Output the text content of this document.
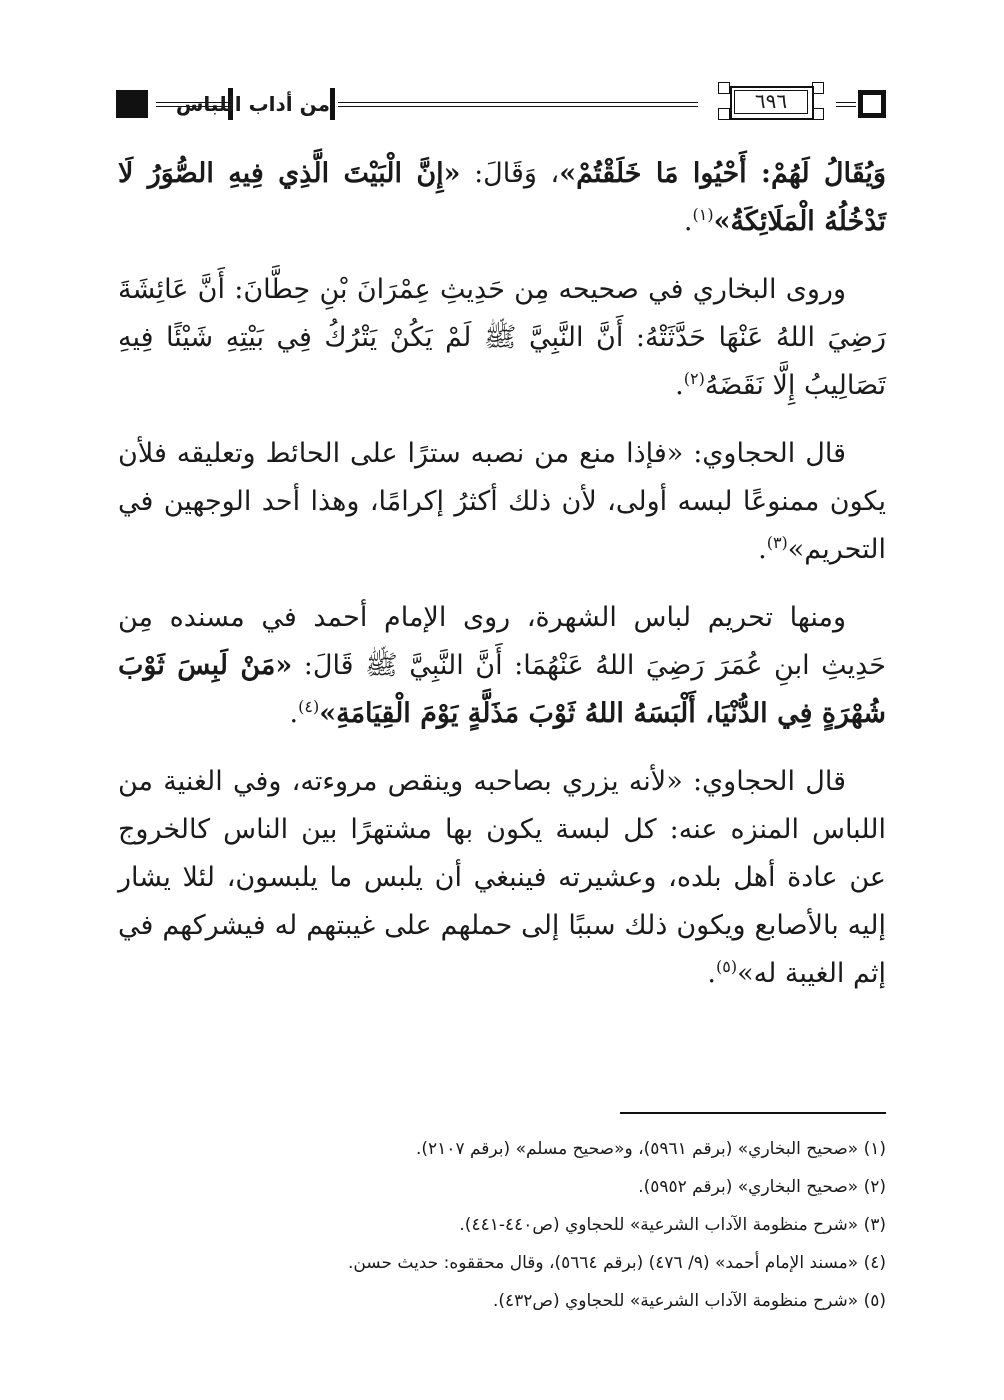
من أداب اللباس	٦٩٦

وَيُقَالُ لَهُمْ: أَحْيُوا مَا خَلَقْتُمْ»، وَقَالَ: «إِنَّ الْبَيْتَ الَّذِي فِيهِ الصُّوَرُ لَا تَدْخُلُهُ الْمَلَائِكَةُ»$^{(١)}$.

وروى البخاري في صحيحه مِن حَدِيثِ عِمْرَانَ بْنِ حِطَّانَ: أَنَّ عَائِشَةَ رَضِيَ اللهُ عَنْهَا حَدَّثَتْهُ: أَنَّ النَّبِيَّ ﷺ لَمْ يَكُنْ يَتْرُكُ فِي بَيْتِهِ شَيْئًا فِيهِ تَصَالِيبُ إِلَّا نَقَضَهُ$^{(٢)}$.

قال الحجاوي: «فإذا منع من نصبه سترًا على الحائط وتعليقه فلأن يكون ممنوعًا لبسه أولى، لأن ذلك أكثرُ إكرامًا، وهذا أحد الوجهين في التحريم»$^{(٣)}$.

ومنها تحريم لباس الشهرة، روى الإمام أحمد في مسنده مِن حَدِيثِ ابنِ عُمَرَ رَضِيَ اللهُ عَنْهُمَا: أَنَّ النَّبِيَّ ﷺ قَالَ: «مَنْ لَبِسَ ثَوْبَ شُهْرَةٍ فِي الدُّنْيَا، أَلْبَسَهُ اللهُ ثَوْبَ مَذَلَّةٍ يَوْمَ الْقِيَامَةِ»$^{(٤)}$.

قال الحجاوي: «لأنه يزري بصاحبه وينقص مروءته، وفي الغنية من اللباس المنزه عنه: كل لبسة يكون بها مشتهرًا بين الناس كالخروج عن عادة أهل بلده، وعشيرته فينبغي أن يلبس ما يلبسون، لئلا يشار إليه بالأصابع ويكون ذلك سببًا إلى حملهم على غيبتهم له فيشركهم في إثم الغيبة له»$^{(٥)}$.

(١) «صحيح البخاري» (برقم ٥٩٦١)، و«صحيح مسلم» (برقم ٢١٠٧).
(٢) «صحيح البخاري» (برقم ٥٩٥٢).
(٣) «شرح منظومة الآداب الشرعية» للحجاوي (ص٤٤٠-٤٤١).
(٤) «مسند الإمام أحمد» (٩/ ٤٧٦) (برقم ٥٦٦٤)، وقال محققوه: حديث حسن.
(٥) «شرح منظومة الآداب الشرعية» للحجاوي (ص٤٣٢).
